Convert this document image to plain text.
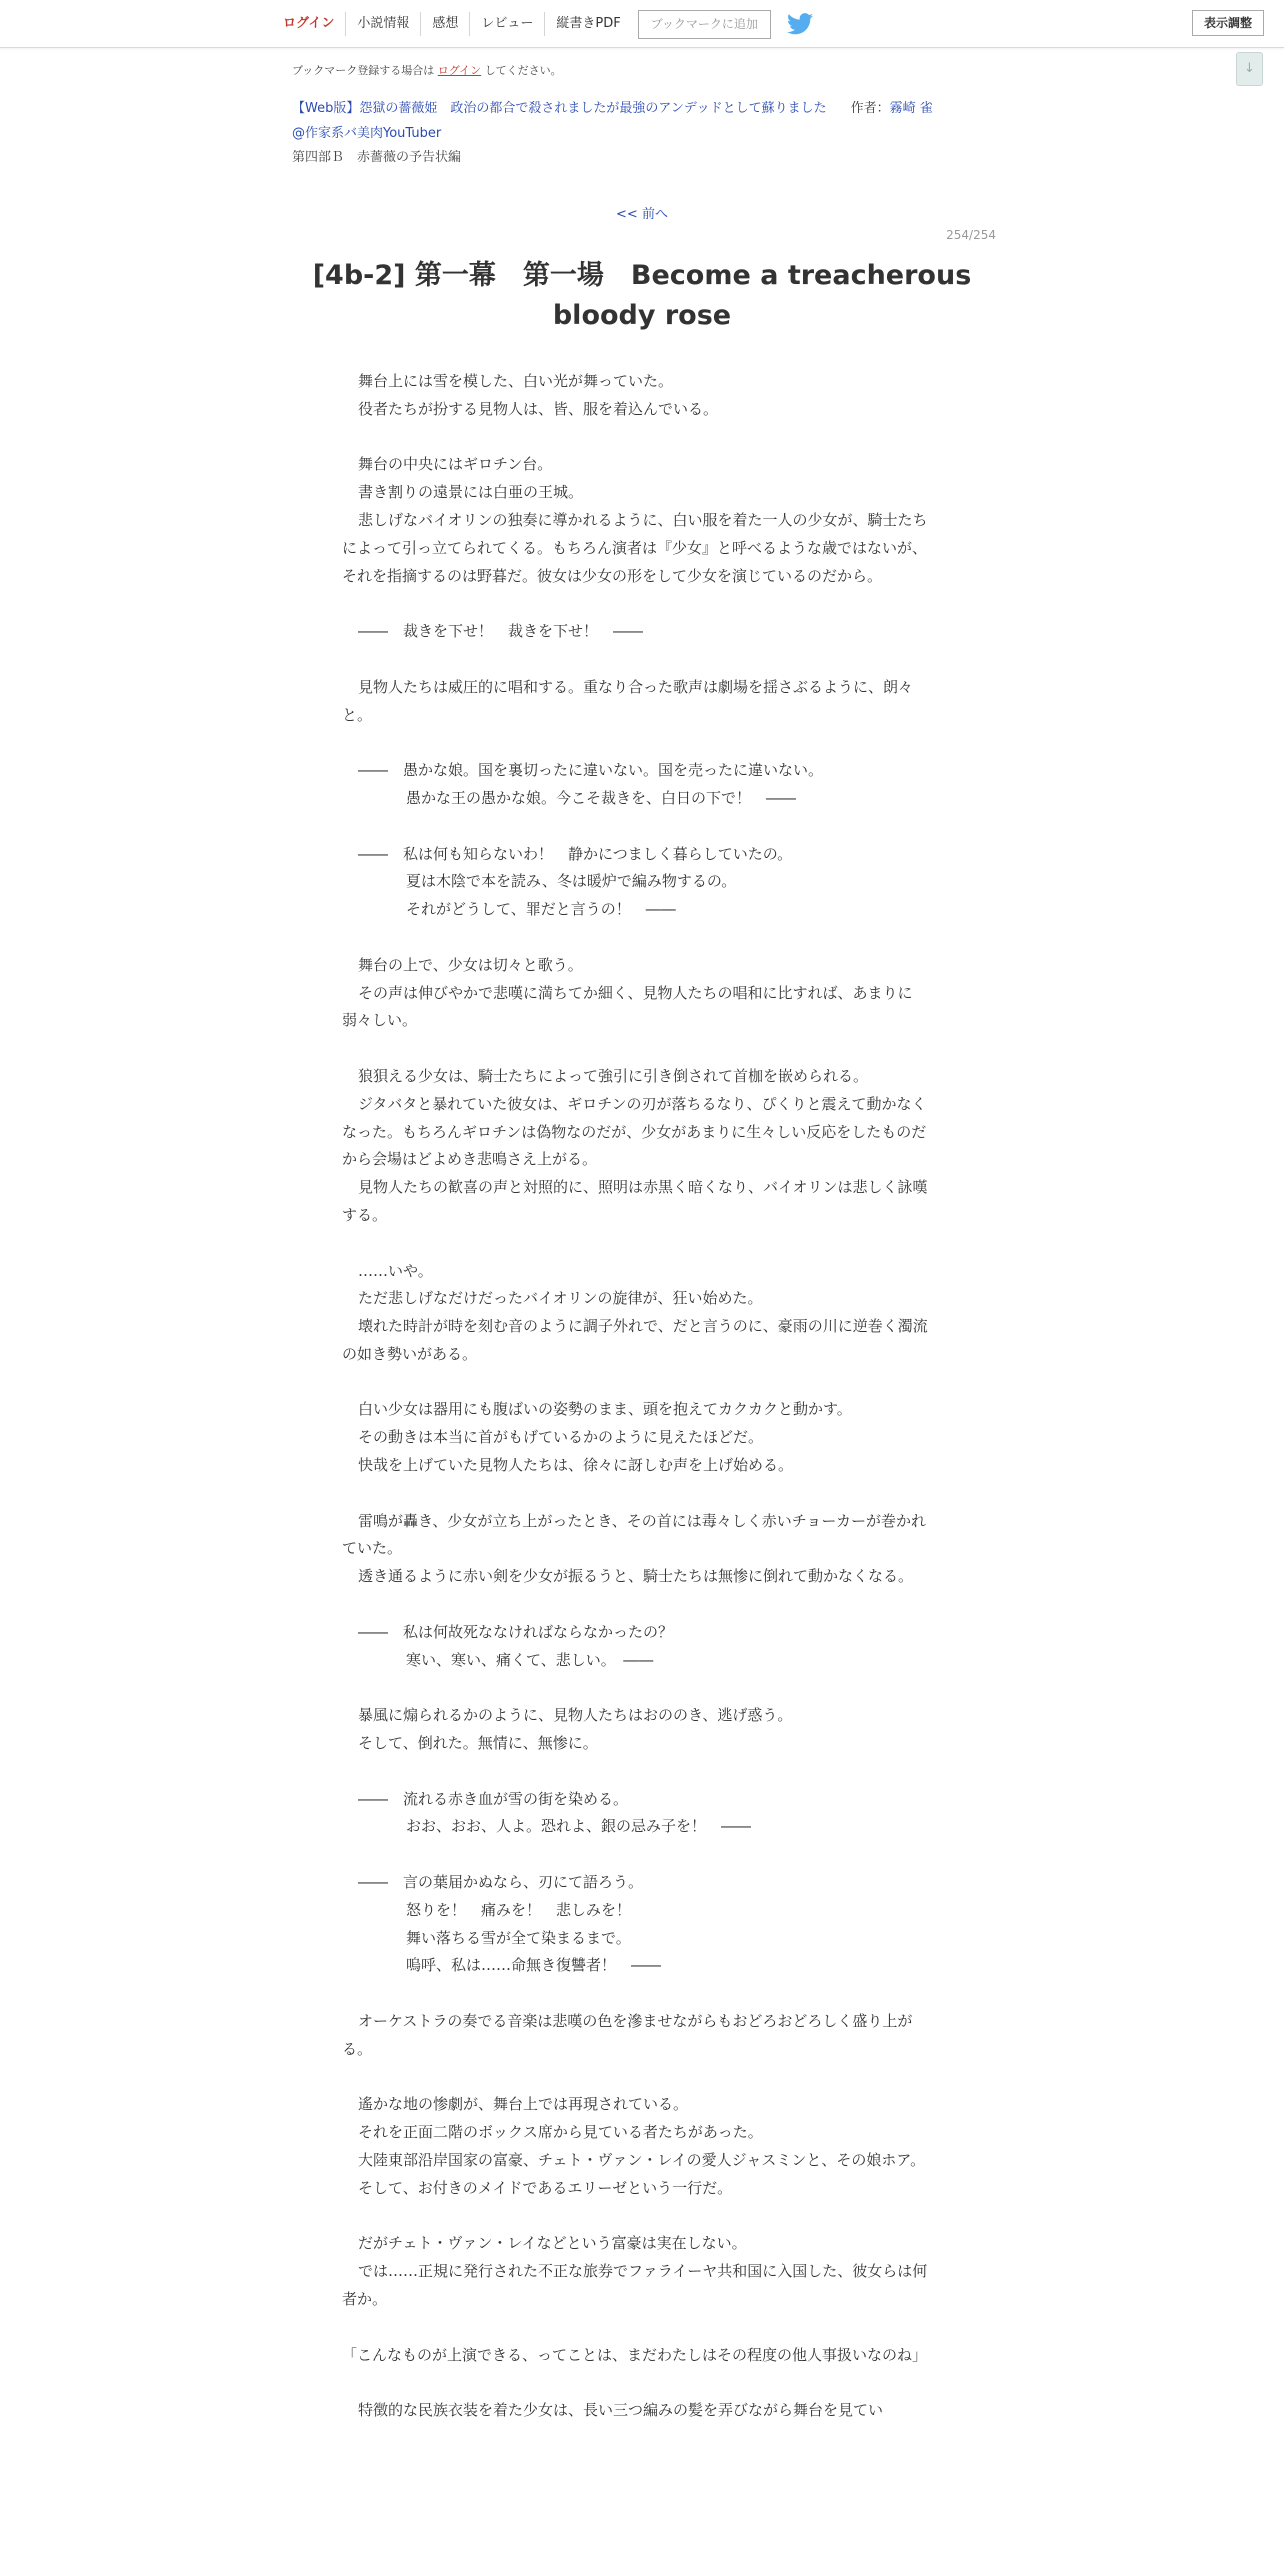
ログイン	小説情報	感想	レビュー	縦書きPDF	ブックマークに追加	表示調整
↓
ブックマーク登録する場合は ログイン してください。
【Web版】怨獄の薔薇姫　政治の都合で殺されましたが最強のアンデッドとして蘇りました 作者：霧崎 雀
@作家系バ美肉YouTuber
第四部Ｂ　赤薔薇の予告状編
<< 前へ
254/254
[4b-2] 第一幕　第一場　Become a treacherous bloody rose

舞台上には雪を模した、白い光が舞っていた。

役者たちが扮する見物人は、皆、服を着込んでいる。

舞台の中央にはギロチン台。

書き割りの遠景には白亜の王城。

悲しげなバイオリンの独奏に導かれるように、白い服を着た一人の少女が、騎士たちによって引っ立てられてくる。もちろん演者は『少女』と呼べるような歳ではないが、それを指摘するのは野暮だ。彼女は少女の形をして少女を演じているのだから。

――　裁きを下せ！　裁きを下せ！　――

見物人たちは威圧的に唱和する。重なり合った歌声は劇場を揺さぶるように、朗々と。

――　愚かな娘。国を裏切ったに違いない。国を売ったに違いない。

愚かな王の愚かな娘。今こそ裁きを、白日の下で！　――

――　私は何も知らないわ！　静かにつましく暮らしていたの。

夏は木陰で本を読み、冬は暖炉で編み物するの。

それがどうして、罪だと言うの！　――

舞台の上で、少女は切々と歌う。

その声は伸びやかで悲嘆に満ちてか細く、見物人たちの唱和に比すれば、あまりに弱々しい。

狼狽える少女は、騎士たちによって強引に引き倒されて首枷を嵌められる。

ジタバタと暴れていた彼女は、ギロチンの刃が落ちるなり、ぴくりと震えて動かなくなった。もちろんギロチンは偽物なのだが、少女があまりに生々しい反応をしたものだから会場はどよめき悲鳴さえ上がる。

見物人たちの歓喜の声と対照的に、照明は赤黒く暗くなり、バイオリンは悲しく詠嘆する。

……いや。

ただ悲しげなだけだったバイオリンの旋律が、狂い始めた。

壊れた時計が時を刻む音のように調子外れで、だと言うのに、豪雨の川に逆巻く濁流の如き勢いがある。

白い少女は器用にも腹ばいの姿勢のまま、頭を抱えてカクカクと動かす。

その動きは本当に首がもげているかのように見えたほどだ。

快哉を上げていた見物人たちは、徐々に訝しむ声を上げ始める。

雷鳴が轟き、少女が立ち上がったとき、その首には毒々しく赤いチョーカーが巻かれていた。

透き通るように赤い剣を少女が振るうと、騎士たちは無惨に倒れて動かなくなる。

――　私は何故死ななければならなかったの？

寒い、寒い、痛くて、悲しい。　――

暴風に煽られるかのように、見物人たちはおののき、逃げ惑う。

そして、倒れた。無情に、無惨に。

――　流れる赤き血が雪の街を染める。

おお、おお、人よ。恐れよ、銀の忌み子を！　――

――　言の葉届かぬなら、刃にて語ろう。

怒りを！　痛みを！　悲しみを！

舞い落ちる雪が全て染まるまで。

嗚呼、私は……命無き復讐者！　――

オーケストラの奏でる音楽は悲嘆の色を滲ませながらもおどろおどろしく盛り上がる。

遙かな地の惨劇が、舞台上では再現されている。

それを正面二階のボックス席から見ている者たちがあった。

大陸東部沿岸国家の富豪、チェト・ヴァン・レイの愛人ジャスミンと、その娘ホア。

そして、お付きのメイドであるエリーゼという一行だ。

だがチェト・ヴァン・レイなどという富豪は実在しない。

では……正規に発行された不正な旅券でファライーヤ共和国に入国した、彼女らは何者か。

「こんなものが上演できる、ってことは、まだわたしはその程度の他人事扱いなのね」

特徴的な民族衣装を着た少女は、長い三つ編みの髪を弄びながら舞台を見てい
